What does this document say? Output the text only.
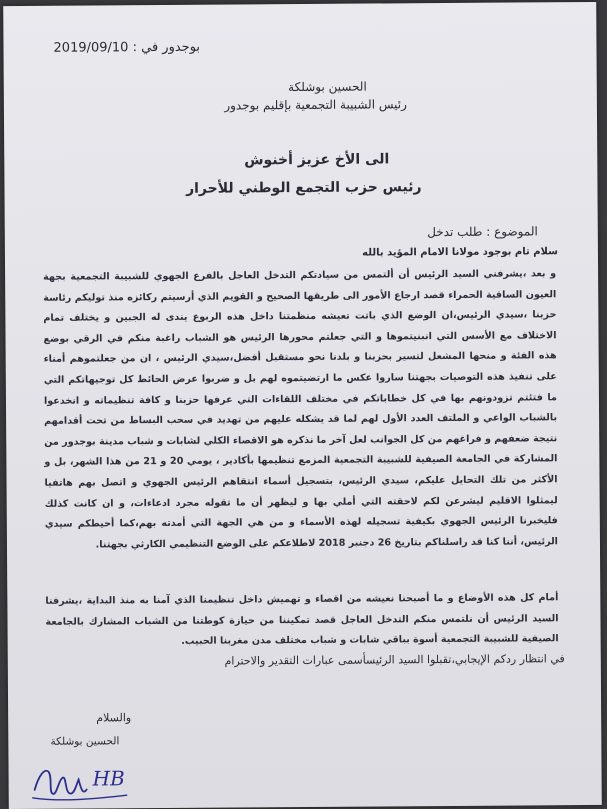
بوجدور في : 2019/09/10
الحسين بوشلكة
رئيس الشبيبة التجمعية بإقليم بوجدور
الى الأخ عزيز أخنوش
رئيس حزب التجمع الوطني للأحرار
الموضوع : طلب تدخل
سلام تام بوجود مولانا الامام المؤيد بالله
و بعد ،يشرفني السيد الرئيس أن ألتمس من سيادتكم التدخل العاجل بالفرع الجهوي للشبيبة التجمعية بجهة العيون الساقية الحمراء قصد ارجاع الأمور الى طريقها الصحيح و القويم الذي أرسيتم ركائزه منذ توليكم رئاسة حزبنا ،سيدي الرئيس،ان الوضع الذي باتت تعيشه منظمتنا داخل هذه الربوع يندى له الجبين و يختلف تمام الاختلاف مع الأسس التي انبنيتموها و التي جعلتم محورها الرئيس هو الشباب راغبة منكم في الرقي بوضع هذه الفئة و منحها المشعل لتسير بحزبنا و بلدنا نحو مستقبل أفضل،سيدي الرئيس ، ان من جعلتموهم أمناء على تنفيذ هذه التوصيات بجهتنا ساروا عكس ما ارتضيتموه لهم بل و ضربوا عرض الحائط كل توجيهاتكم التي ما فتئتم تزودونهم بها في كل خطاباتكم في مختلف اللقاءات التي عرفها حزبنا و كافة تنظيماته و انخدعوا بالشباب الواعي و الملتف العدد الأول لهم لما قد يشكله عليهم من تهديد في سحب البساط من تحت أقدامهم نتيجة ضعفهم و فراغهم من كل الجوانب لعل آخر ما نذكره هو الاقصاء الكلي لشابات و شباب مدينة بوجدور من المشاركة في الجامعة الصيفية للشبيبة التجمعية المزمع تنظيمها بأكادير ، يومي 20 و 21 من هذا الشهر، بل و الأكثر من تلك التحايل عليكم، سيدي الرئيس، بتسجيل أسماء انتقاهم الرئيس الجهوي و اتصل بهم هاتفيا ليمثلوا الاقليم ليشرعن لكم لاحقته التي أملي بها و ليظهر أن ما تقوله مجرد ادعاءات، و ان كانت كذلك فليخبرنا الرئيس الجهوي بكيفية تسجيله لهذه الأسماء و من هي الجهة التي أمدته بهم،كما أحيطكم سيدي الرئيس، أننا كنا قد راسلناكم بتاريخ 26 دجنبر 2018 لاطلاعكم على الوضع التنظيمي الكارثي بجهتنا.
أمام كل هذه الأوضاع و ما أصبحنا نعيشه من اقصاء و تهميش داخل تنظيمنا الذي آمنا به منذ البداية ،يشرفنا السيد الرئيس أن نلتمس منكم التدخل العاجل قصد تمكيننا من حيازة كوطتنا من الشباب المشارك بالجامعة الصيفية للشبيبة التجمعية أسوة بباقي شابات و شباب مختلف مدن مغربنا الحبيب.
في انتظار ردكم الإيجابي،تقبلوا السيد الرئيسأسمى عبارات التقدير والاحترام
والسلام
الحسين بوشلكة
HB
